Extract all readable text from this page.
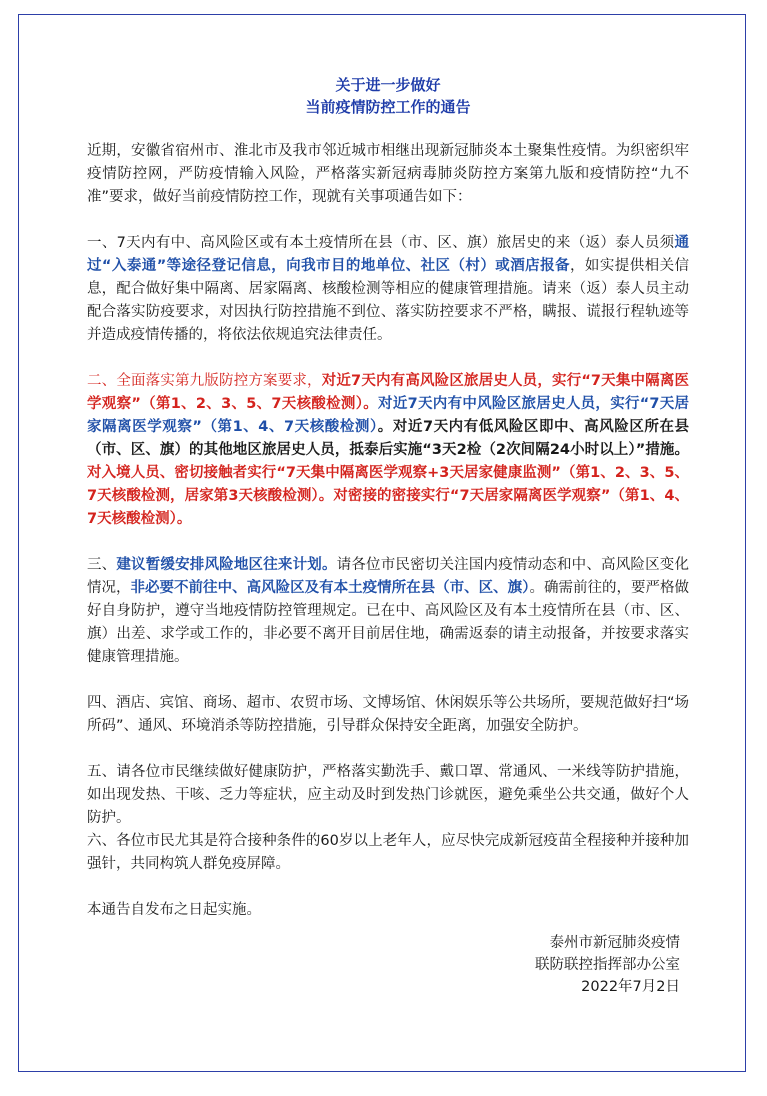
关于进一步做好
当前疫情防控工作的通告

近期，安徽省宿州市、淮北市及我市邻近城市相继出现新冠肺炎本土聚集性疫情。为织密织牢疫情防控网，严防疫情输入风险，严格落实新冠病毒肺炎防控方案第九版和疫情防控“九不准”要求，做好当前疫情防控工作，现就有关事项通告如下：

一、7天内有中、高风险区或有本土疫情所在县（市、区、旗）旅居史的来（返）泰人员须通过“入泰通”等途径登记信息，向我市目的地单位、社区（村）或酒店报备，如实提供相关信息，配合做好集中隔离、居家隔离、核酸检测等相应的健康管理措施。请来（返）泰人员主动配合落实防疫要求，对因执行防控措施不到位、落实防控要求不严格，瞒报、谎报行程轨迹等并造成疫情传播的，将依法依规追究法律责任。

二、全面落实第九版防控方案要求，对近7天内有高风险区旅居史人员，实行“7天集中隔离医学观察”（第1、2、3、5、7天核酸检测）。对近7天内有中风险区旅居史人员，实行“7天居家隔离医学观察”（第1、4、7天核酸检测）。对近7天内有低风险区即中、高风险区所在县（市、区、旗）的其他地区旅居史人员，抵泰后实施“3天2检（2次间隔24小时以上）”措施。对入境人员、密切接触者实行“7天集中隔离医学观察+3天居家健康监测”（第1、2、3、5、7天核酸检测，居家第3天核酸检测）。对密接的密接实行“7天居家隔离医学观察”（第1、4、7天核酸检测）。

三、建议暂缓安排风险地区往来计划。请各位市民密切关注国内疫情动态和中、高风险区变化情况，非必要不前往中、高风险区及有本土疫情所在县（市、区、旗）。确需前往的，要严格做好自身防护，遵守当地疫情防控管理规定。已在中、高风险区及有本土疫情所在县（市、区、旗）出差、求学或工作的，非必要不离开目前居住地，确需返泰的请主动报备，并按要求落实健康管理措施。

四、酒店、宾馆、商场、超市、农贸市场、文博场馆、休闲娱乐等公共场所，要规范做好扫“场所码”、通风、环境消杀等防控措施，引导群众保持安全距离，加强安全防护。

五、请各位市民继续做好健康防护，严格落实勤洗手、戴口罩、常通风、一米线等防护措施，如出现发热、干咳、乏力等症状，应主动及时到发热门诊就医，避免乘坐公共交通，做好个人防护。

六、各位市民尤其是符合接种条件的60岁以上老年人，应尽快完成新冠疫苗全程接种并接种加强针，共同构筑人群免疫屏障。

本通告自发布之日起实施。

泰州市新冠肺炎疫情
联防联控指挥部办公室
2022年7月2日
